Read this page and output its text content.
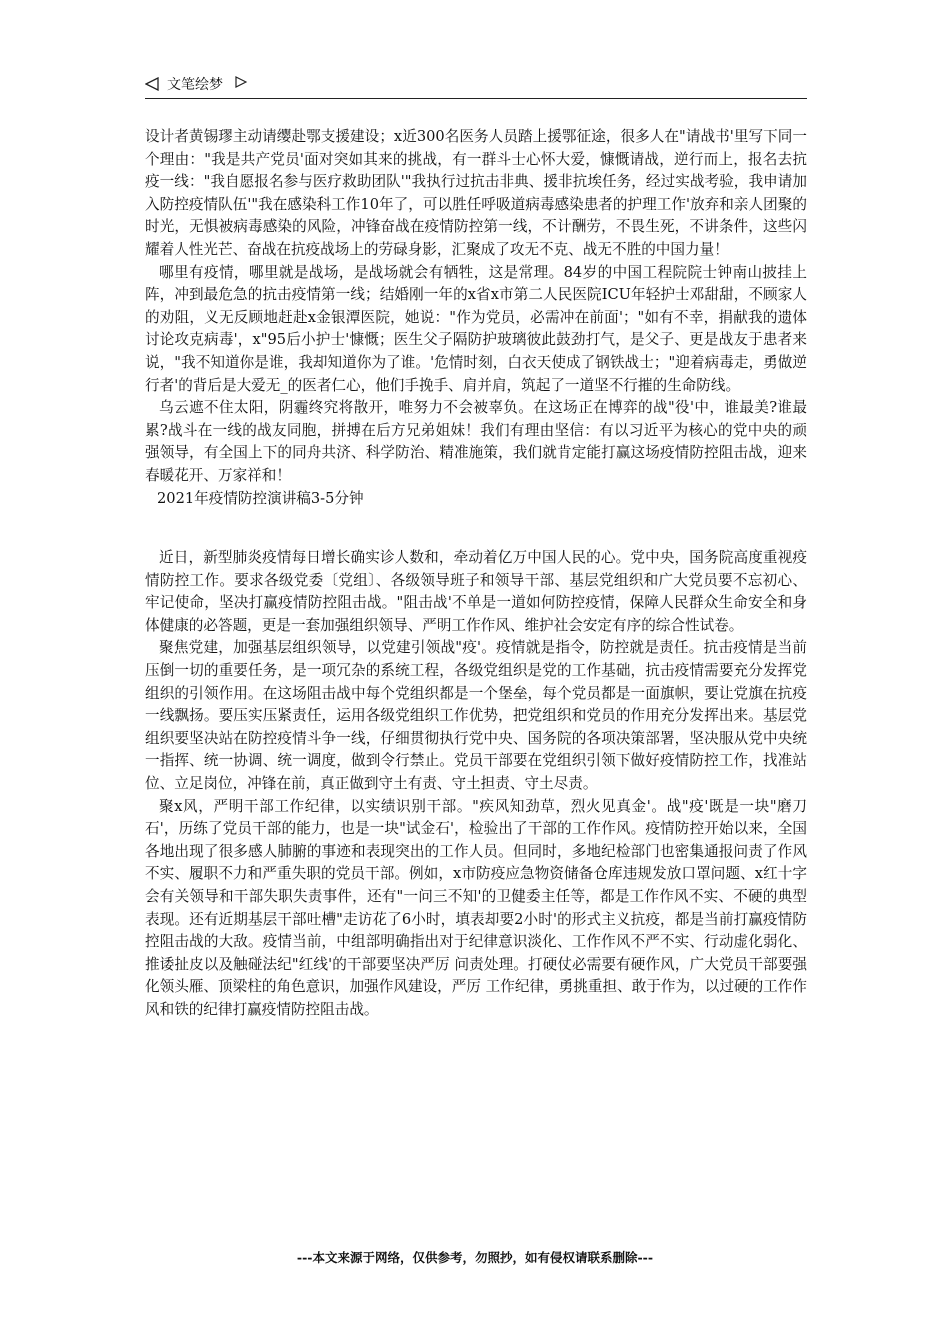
文笔绘梦

设计者黄锡璆主动请缨赴鄂支援建设；x近300名医务人员踏上援鄂征途，很多人在"请战书'里写下同一个理由："我是共产党员'面对突如其来的挑战，有一群斗士心怀大爱，慷慨请战，逆行而上，报名去抗疫一线："我自愿报名参与医疗救助团队'"我执行过抗击非典、援非抗埃任务，经过实战考验，我申请加入防控疫情队伍'"我在感染科工作10年了，可以胜任呼吸道病毒感染患者的护理工作'放弃和亲人团聚的时光，无惧被病毒感染的风险，冲锋奋战在疫情防控第一线，不计酬劳，不畏生死，不讲条件，这些闪耀着人性光芒、奋战在抗疫战场上的劳碌身影，汇聚成了攻无不克、战无不胜的中国力量！

哪里有疫情，哪里就是战场，是战场就会有牺牲，这是常理。84岁的中国工程院院士钟南山披挂上阵，冲到最危急的抗击疫情第一线；结婚刚一年的x省x市第二人民医院ICU年轻护士邓甜甜，不顾家人的劝阻，义无反顾地赶赴x金银潭医院，她说："作为党员，必需冲在前面'；"如有不幸，捐献我的遗体讨论攻克病毒'，x"95后小护士'慷慨；医生父子隔防护玻璃彼此鼓劲打气，是父子、更是战友于患者来说，"我不知道你是谁，我却知道你为了谁。'危情时刻，白衣天使成了钢铁战士；"迎着病毒走，勇做逆行者'的背后是大爱无_的医者仁心，他们手挽手、肩并肩，筑起了一道坚不行摧的生命防线。

乌云遮不住太阳，阴霾终究将散开，唯努力不会被辜负。在这场正在博弈的战"役'中，谁最美?谁最累?战斗在一线的战友同胞，拼搏在后方兄弟姐妹！我们有理由坚信：有以习近平为核心的党中央的顽强领导，有全国上下的同舟共济、科学防治、精准施策，我们就肯定能打赢这场疫情防控阻击战，迎来春暖花开、万家祥和！

2021年疫情防控演讲稿3-5分钟

近日，新型肺炎疫情每日增长确实诊人数和，牵动着亿万中国人民的心。党中央，国务院高度重视疫情防控工作。要求各级党委〔党组〕、各级领导班子和领导干部、基层党组织和广大党员要不忘初心、牢记使命，坚决打赢疫情防控阻击战。"阻击战'不单是一道如何防控疫情，保障人民群众生命安全和身体健康的必答题，更是一套加强组织领导、严明工作作风、维护社会安定有序的综合性试卷。

聚焦党建，加强基层组织领导，以党建引领战"疫'。疫情就是指令，防控就是责任。抗击疫情是当前压倒一切的重要任务，是一项冗杂的系统工程，各级党组织是党的工作基础，抗击疫情需要充分发挥党组织的引领作用。在这场阻击战中每个党组织都是一个堡垒，每个党员都是一面旗帜，要让党旗在抗疫一线飘扬。要压实压紧责任，运用各级党组织工作优势，把党组织和党员的作用充分发挥出来。基层党组织要坚决站在防控疫情斗争一线，仔细贯彻执行党中央、国务院的各项决策部署，坚决服从党中央统一指挥、统一协调、统一调度，做到令行禁止。党员干部要在党组织引领下做好疫情防控工作，找准站位、立足岗位，冲锋在前，真正做到守土有责、守土担责、守土尽责。

聚x风，严明干部工作纪律，以实绩识别干部。"疾风知劲草，烈火见真金'。战"疫'既是一块"磨刀石'，历练了党员干部的能力，也是一块"试金石'，检验出了干部的工作作风。疫情防控开始以来，全国各地出现了很多感人肺腑的事迹和表现突出的工作人员。但同时，多地纪检部门也密集通报问责了作风不实、履职不力和严重失职的党员干部。例如，x市防疫应急物资储备仓库违规发放口罩问题、x红十字会有关领导和干部失职失责事件，还有"一问三不知'的卫健委主任等，都是工作作风不实、不硬的典型表现。还有近期基层干部吐槽"走访花了6小时，填表却要2小时'的形式主义抗疫，都是当前打赢疫情防控阻击战的大敌。疫情当前，中组部明确指出对于纪律意识淡化、工作作风不严不实、行动虚化弱化、推诿扯皮以及触碰法纪"红线'的干部要坚决严厉 问责处理。打硬仗必需要有硬作风，广大党员干部要强化领头雁、顶梁柱的角色意识，加强作风建设，严厉 工作纪律，勇挑重担、敢于作为，以过硬的工作作风和铁的纪律打赢疫情防控阻击战。

---本文来源于网络，仅供参考，勿照抄，如有侵权请联系删除---
